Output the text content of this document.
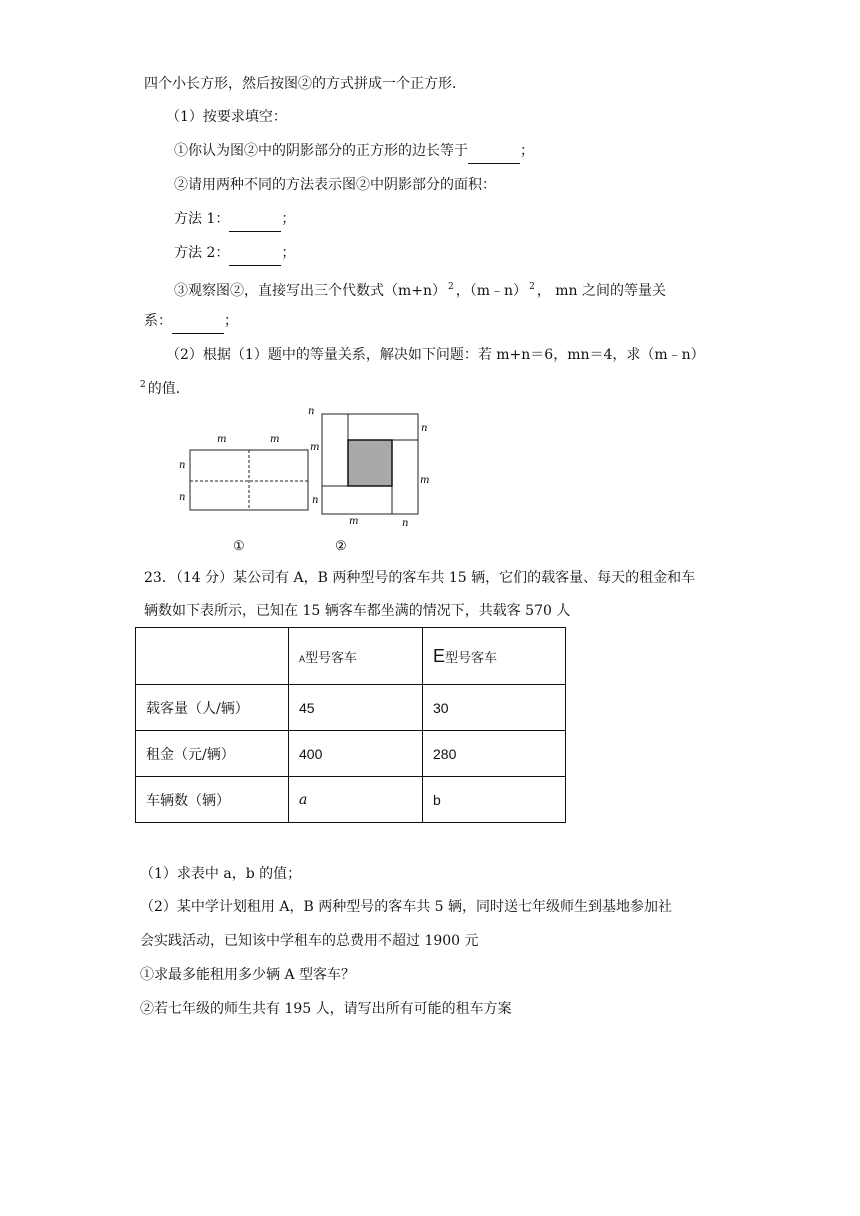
四个小长方形，然后按图②的方式拼成一个正方形．
（1）按要求填空：
①你认为图②中的阴影部分的正方形的边长等于	；
②请用两种不同的方法表示图②中阴影部分的面积：
方法 1：	；
方法 2：	；
③观察图②，直接写出三个代数式（m+n） $^2$ ，（m﹣n） $^2$ ， mn 之间的等量关
系：	；
（2）根据（1）题中的等量关系，解决如下问题：若 m+n＝6，mn＝4，求（m﹣n）
$^2$ 的值．
m	m
n
n
①
n
n
m
m
n
m	n
②
23．（14 分）某公司有 A，B 两种型号的客车共 15 辆，它们的载客量、每天的租金和车
辆数如下表所示，已知在 15 辆客车都坐满的情况下，共载客 570 人
	A型号客车	E型号客车
载客量（人/辆）	45	30
租金（元/辆）	400	280
车辆数（辆）	a	b
（1）求表中 a，b 的值；
（2）某中学计划租用 A，B 两种型号的客车共 5 辆，同时送七年级师生到基地参加社
会实践活动，已知该中学租车的总费用不超过 1900 元
①求最多能租用多少辆 A 型客车？
②若七年级的师生共有 195 人，请写出所有可能的租车方案
